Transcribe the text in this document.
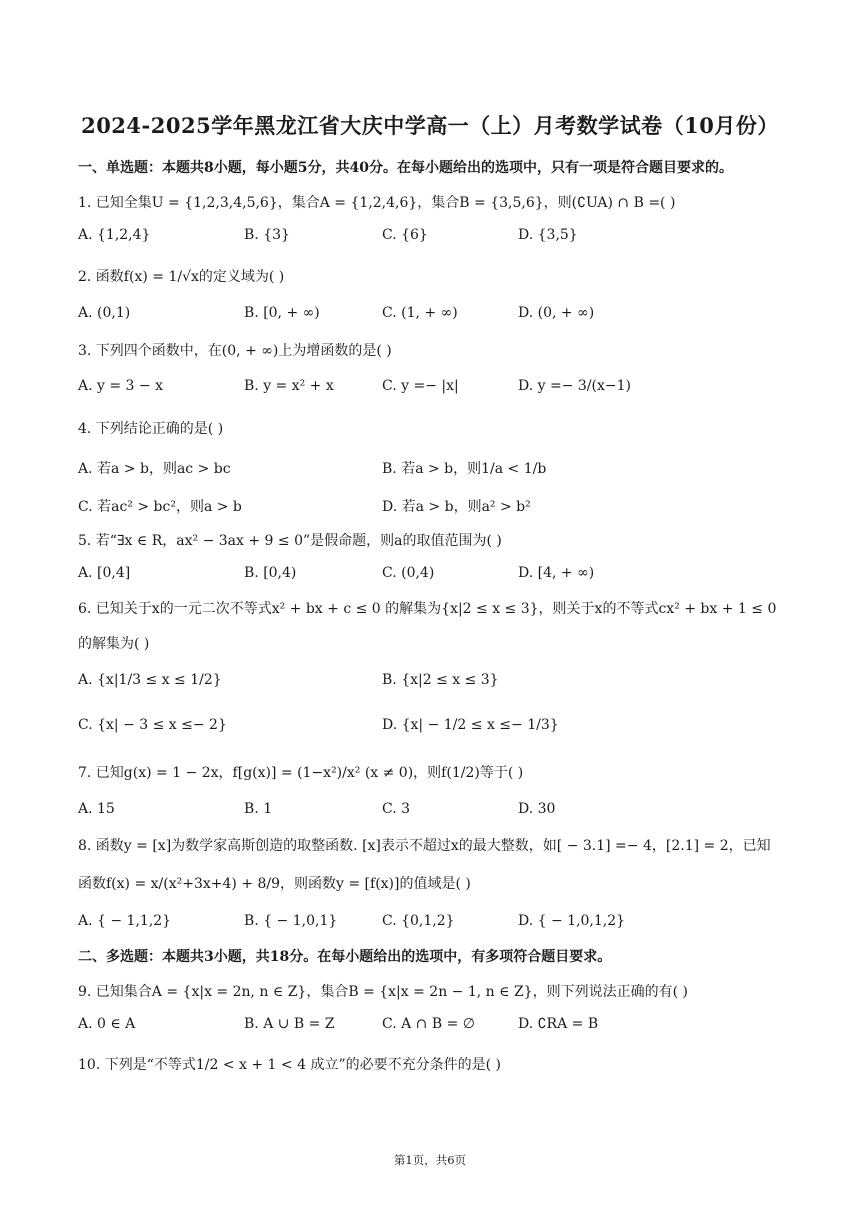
2024-2025学年黑龙江省大庆中学高一（上）月考数学试卷（10月份）
一、单选题：本题共8小题，每小题5分，共40分。在每小题给出的选项中，只有一项是符合题目要求的。
1. 已知全集U = {1,2,3,4,5,6}，集合A = {1,2,4,6}，集合B = {3,5,6}，则(∁UA) ∩ B =( )
A. {1,2,4}	B. {3}	C. {6}	D. {3,5}
2. 函数f(x) = 1/√x的定义域为( )
A. (0,1)	B. [0, + ∞)	C. (1, + ∞)	D. (0, + ∞)
3. 下列四个函数中，在(0, + ∞)上为增函数的是( )
A. y = 3 − x	B. y = x² + x	C. y =− |x|	D. y =− 3/(x−1)
4. 下列结论正确的是( )
A. 若a > b，则ac > bc	B. 若a > b，则1/a < 1/b
C. 若ac² > bc²，则a > b	D. 若a > b，则a² > b²
5. 若“∃x ∈ R，ax² − 3ax + 9 ≤ 0”是假命题，则a的取值范围为( )
A. [0,4]	B. [0,4)	C. (0,4)	D. [4, + ∞)
6. 已知关于x的一元二次不等式x² + bx + c ≤ 0 的解集为{x|2 ≤ x ≤ 3}，则关于x的不等式cx² + bx + 1 ≤ 0
的解集为( )
A. {x|1/3 ≤ x ≤ 1/2}	B. {x|2 ≤ x ≤ 3}
C. {x| − 3 ≤ x ≤− 2}	D. {x| − 1/2 ≤ x ≤− 1/3}
7. 已知g(x) = 1 − 2x，f[g(x)] = (1−x²)/x² (x ≠ 0)，则f(1/2)等于( )
A. 15	B. 1	C. 3	D. 30
8. 函数y = [x]为数学家高斯创造的取整函数. [x]表示不超过x的最大整数，如[ − 3.1] =− 4，[2.1] = 2，已知
函数f(x) = x/(x²+3x+4) + 8/9，则函数y = [f(x)]的值域是( )
A. { − 1,1,2}	B. { − 1,0,1}	C. {0,1,2}	D. { − 1,0,1,2}
二、多选题：本题共3小题，共18分。在每小题给出的选项中，有多项符合题目要求。
9. 已知集合A = {x|x = 2n, n ∈ Z}，集合B = {x|x = 2n − 1, n ∈ Z}，则下列说法正确的有( )
A. 0 ∈ A	B. A ∪ B = Z	C. A ∩ B = ∅	D. ∁RA = B
10. 下列是“不等式1/2 < x + 1 < 4 成立”的必要不充分条件的是( )
第1页，共6页
